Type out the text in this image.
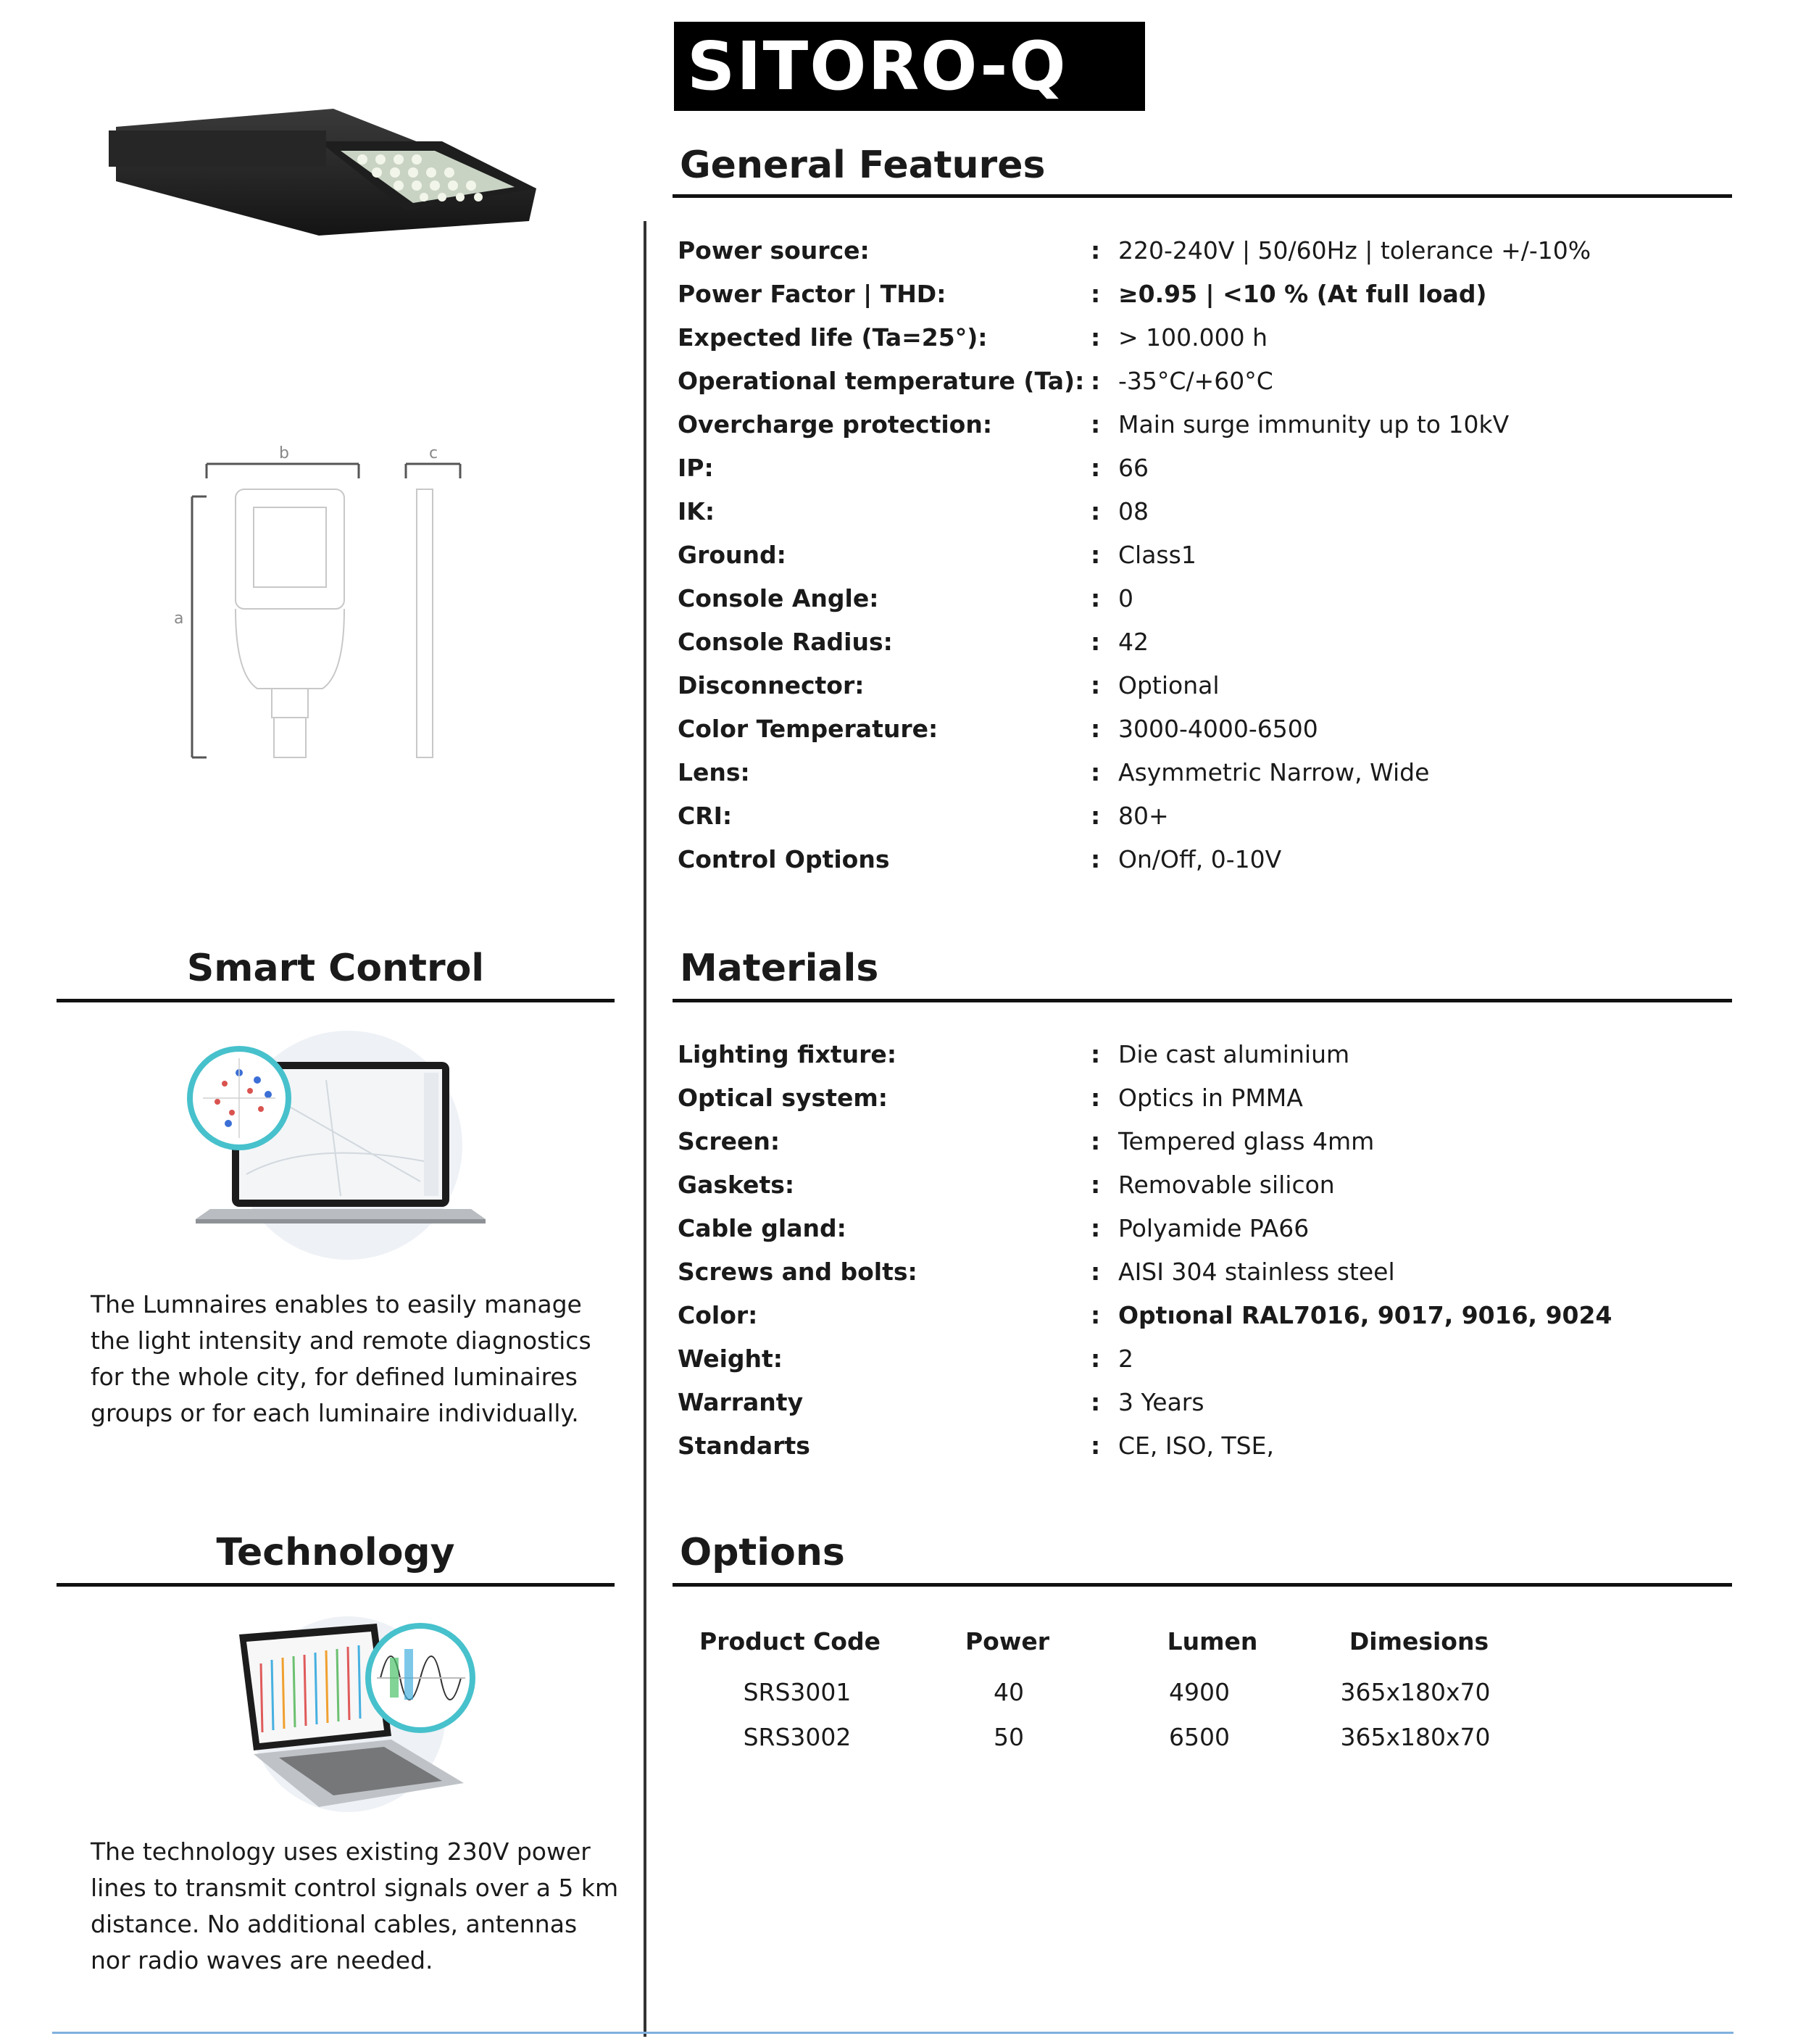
SITORO-Q
b	c
a
General Features
Power source:	: 220-240V | 50/60Hz | tolerance +/-10%
Power Factor | THD:	: ≥0.95 | <10 % (At full load)
Expected life (Ta=25°):	: > 100.000 h
Operational temperature (Ta): : -35°C/+60°C
Overcharge protection:	: Main surge immunity up to 10kV
IP:	: 66
IK:	: 08
Ground:	: Class1
Console Angle:	: 0
Console Radius:	: 42
Disconnector:	: Optional
Color Temperature:	: 3000-4000-6500
Lens:	: Asymmetric Narrow, Wide
CRI:	: 80+
Control Options	: On/Off, 0-10V
Smart Control
The Lumnaires enables to easily manage the light intensity and remote diagnostics for the whole city, for defined luminaires groups or for each luminaire individually.
Materials
Lighting fixture:	: Die cast aluminium
Optical system:	: Optics in PMMA
Screen:	: Tempered glass 4mm
Gaskets:	: Removable silicon
Cable gland:	: Polyamide PA66
Screws and bolts:	: AISI 304 stainless steel
Color:	: Optıonal RAL7016, 9017, 9016, 9024
Weight:	: 2
Warranty	: 3 Years
Standarts	: CE, ISO, TSE,
Technology
The technology uses existing 230V power lines to transmit control signals over a 5 km distance. No additional cables, antennas nor radio waves are needed.
Options
Product Code	Power	Lumen	Dimesions
SRS3001	40	4900	365x180x70
SRS3002	50	6500	365x180x70
